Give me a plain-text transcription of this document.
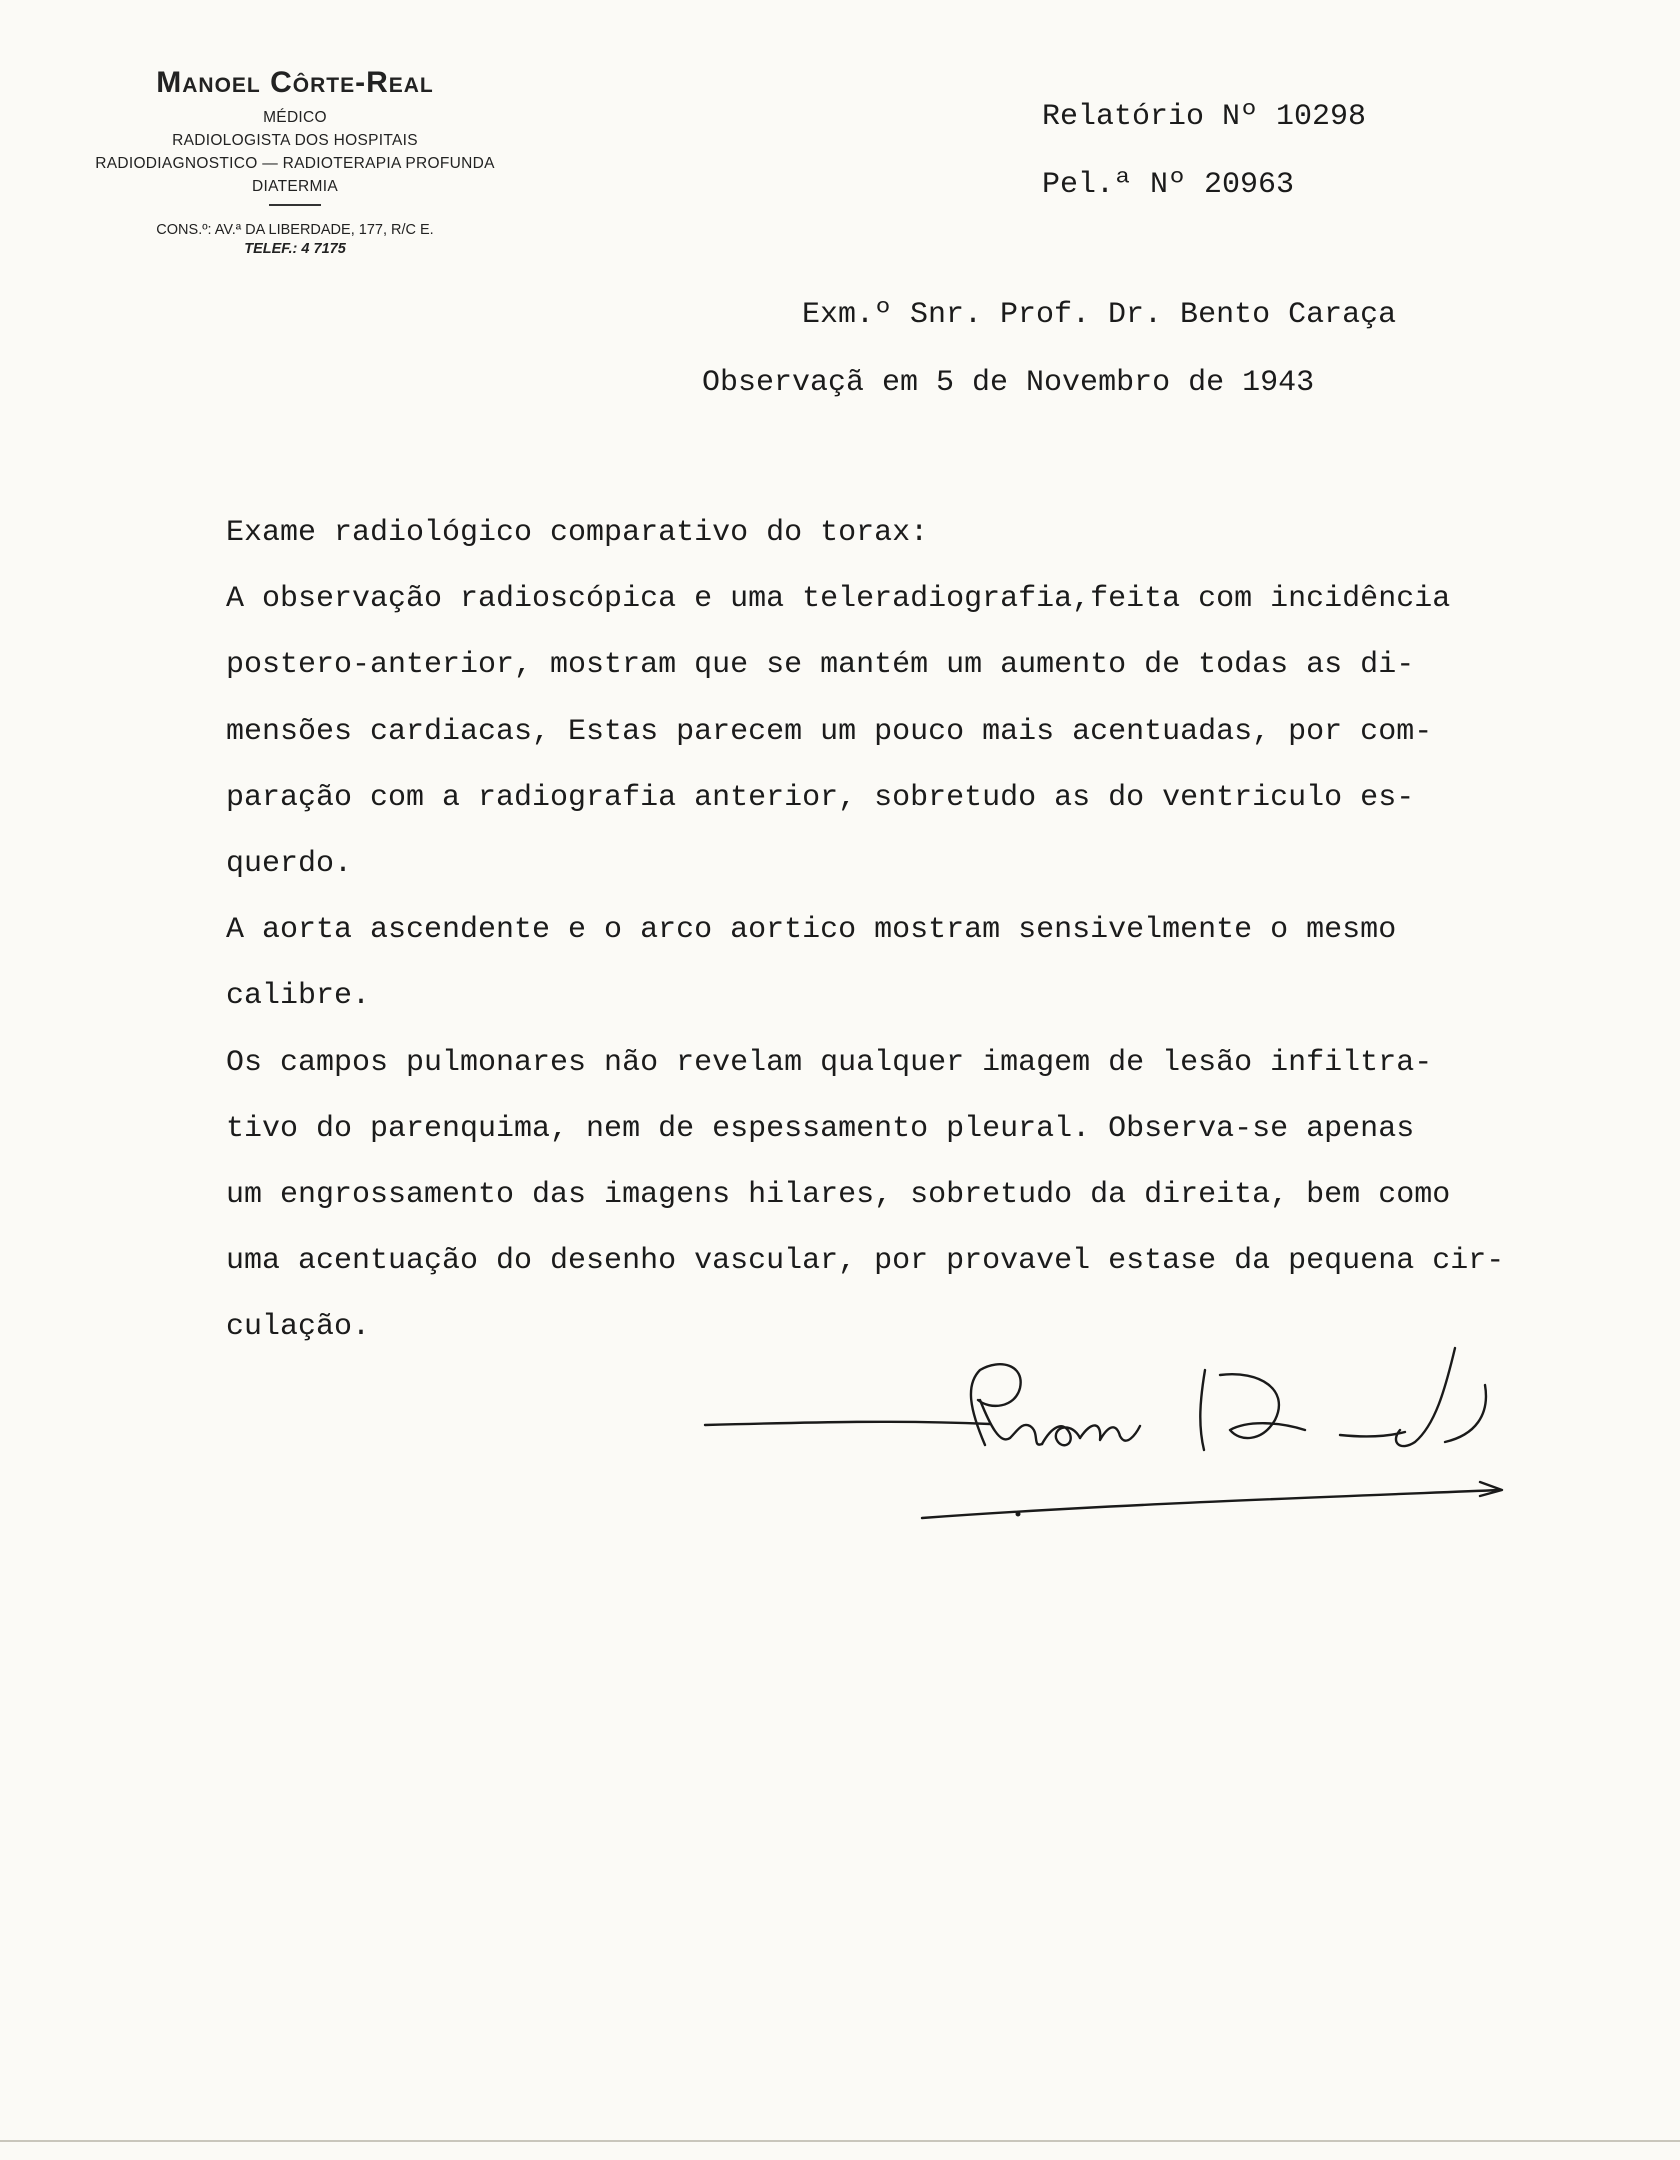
Manoel Côrte-Real
MÉDICO
RADIOLOGISTA DOS HOSPITAIS
RADIODIAGNOSTICO — RADIOTERAPIA PROFUNDA
DIATERMIA
CONS.º: AV.ª DA LIBERDADE, 177, R/C E.
TELEF.: 4 7175
Relatório Nº 10298
Pel.ª Nº 20963
Exm.º Snr. Prof. Dr. Bento Caraça
Observaçã em 5 de Novembro de 1943
Exame radiológico comparativo do torax:
A observação radioscópica e uma teleradiografia,feita com incidência
postero-anterior, mostram que se mantém um aumento de todas as di-
mensões cardiacas, Estas parecem um pouco mais acentuadas, por com-
paração com a radiografia anterior, sobretudo as do ventriculo es-
querdo.
A aorta ascendente e o arco aortico mostram sensivelmente o mesmo
calibre.
Os campos pulmonares não revelam qualquer imagem de lesão infiltra-
tivo do parenquima, nem de espessamento pleural. Observa-se apenas
um engrossamento das imagens hilares, sobretudo da direita, bem como
uma acentuação do desenho vascular, por provavel estase da pequena cir-
culação.
